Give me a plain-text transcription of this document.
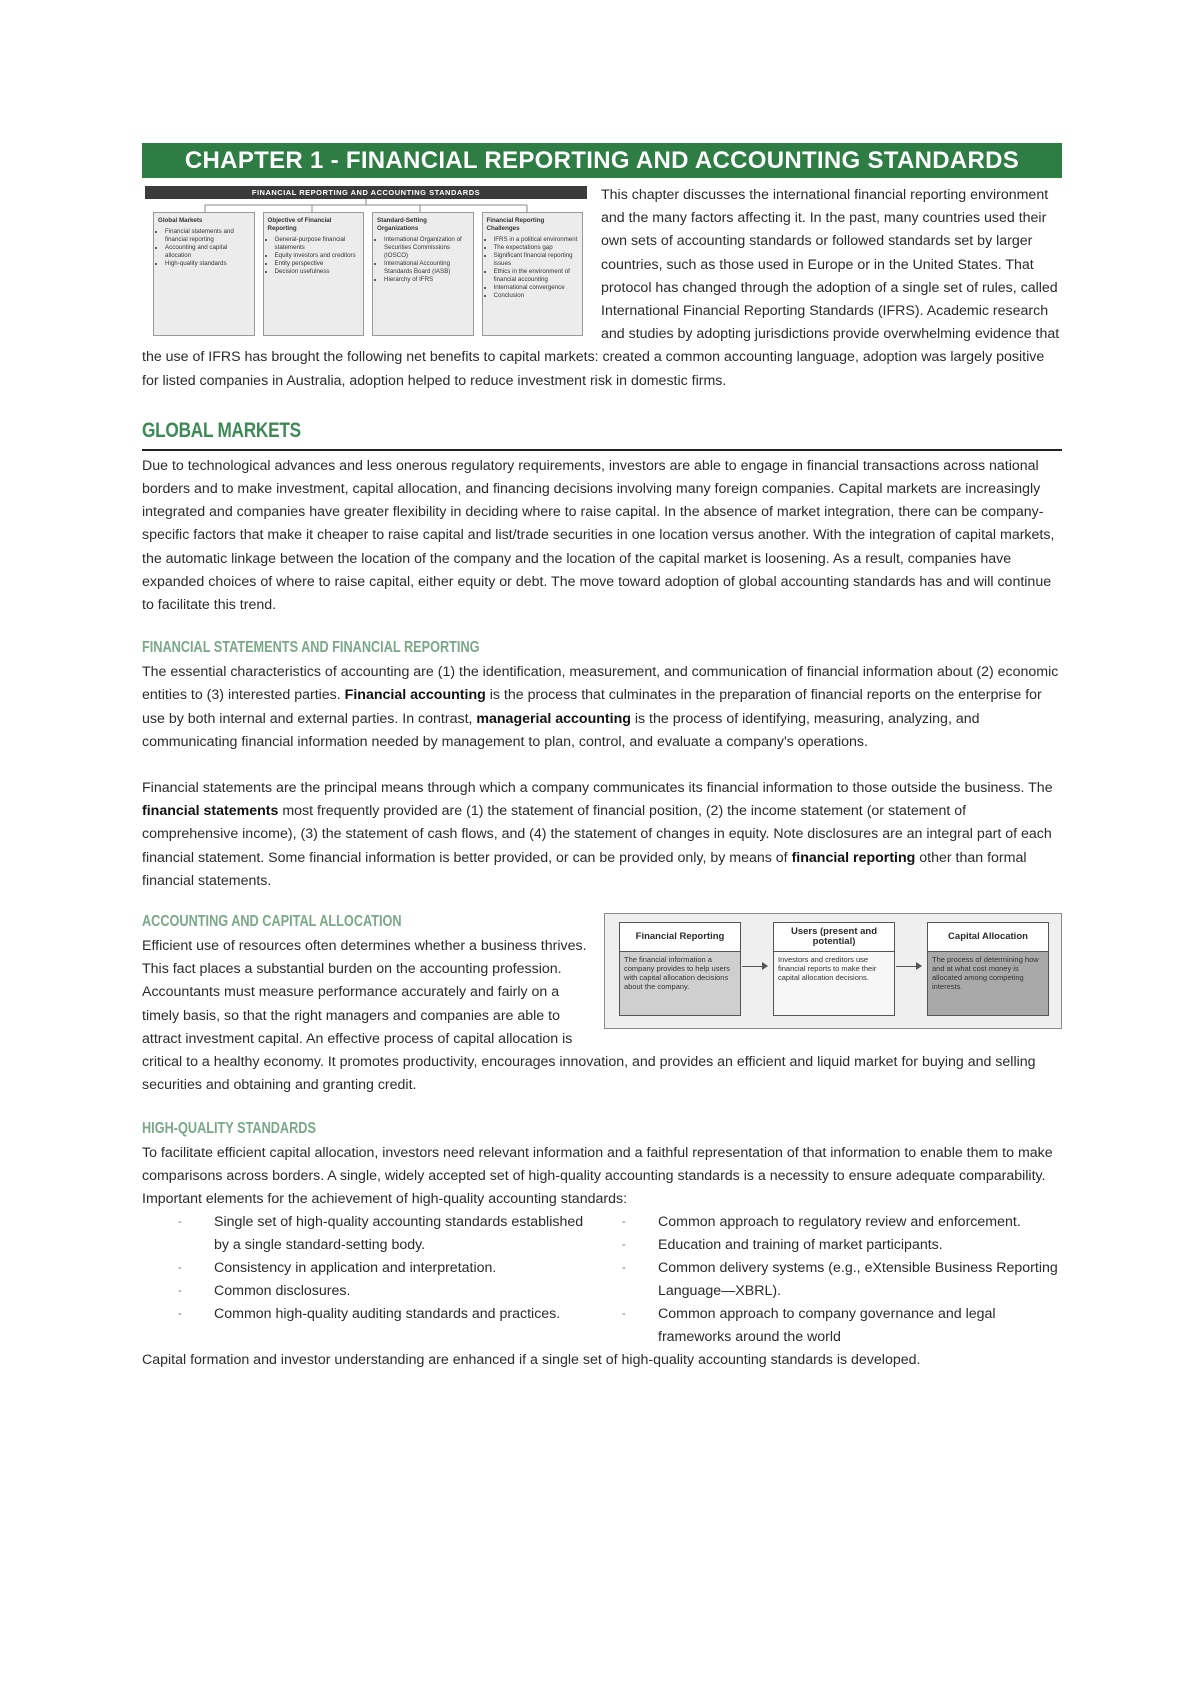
CHAPTER 1 - FINANCIAL REPORTING AND ACCOUNTING STANDARDS
FINANCIAL REPORTING AND ACCOUNTING STANDARDS
Global Markets
• Financial statements and financial reporting
• Accounting and capital allocation
• High-quality standards
Objective of Financial Reporting
• General-purpose financial statements
• Equity investors and creditors
• Entity perspective
• Decision usefulness
Standard-Setting Organizations
• International Organization of Securities Commissions (IOSCO)
• International Accounting Standards Board (IASB)
• Hierarchy of IFRS
Financial Reporting Challenges
• IFRS in a political environment
• The expectations gap
• Significant financial reporting issues
• Ethics in the environment of financial accounting
• International convergence
• Conclusion

This chapter discusses the international financial reporting environment and the many factors affecting it. In the past, many countries used their own sets of accounting standards or followed standards set by larger countries, such as those used in Europe or in the United States. That protocol has changed through the adoption of a single set of rules, called International Financial Reporting Standards (IFRS). Academic research and studies by adopting jurisdictions provide overwhelming evidence that the use of IFRS has brought the following net benefits to capital markets: created a common accounting language, adoption was largely positive for listed companies in Australia, adoption helped to reduce investment risk in domestic firms.

GLOBAL MARKETS

Due to technological advances and less onerous regulatory requirements, investors are able to engage in financial transactions across national borders and to make investment, capital allocation, and financing decisions involving many foreign companies. Capital markets are increasingly integrated and companies have greater flexibility in deciding where to raise capital. In the absence of market integration, there can be company-specific factors that make it cheaper to raise capital and list/trade securities in one location versus another. With the integration of capital markets, the automatic linkage between the location of the company and the location of the capital market is loosening. As a result, companies have expanded choices of where to raise capital, either equity or debt. The move toward adoption of global accounting standards has and will continue to facilitate this trend.

FINANCIAL STATEMENTS AND FINANCIAL REPORTING

The essential characteristics of accounting are (1) the identification, measurement, and communication of financial information about (2) economic entities to (3) interested parties. Financial accounting is the process that culminates in the preparation of financial reports on the enterprise for use by both internal and external parties. In contrast, managerial accounting is the process of identifying, measuring, analyzing, and communicating financial information needed by management to plan, control, and evaluate a company's operations.

Financial statements are the principal means through which a company communicates its financial information to those outside the business. The financial statements most frequently provided are (1) the statement of financial position, (2) the income statement (or statement of comprehensive income), (3) the statement of cash flows, and (4) the statement of changes in equity. Note disclosures are an integral part of each financial statement. Some financial information is better provided, or can be provided only, by means of financial reporting other than formal financial statements.

Financial Reporting
The financial information a company provides to help users with capital allocation decisions about the company.
Users (present and potential)
Investors and creditors use financial reports to make their capital allocation decisions.
Capital Allocation
The process of determining how and at what cost money is allocated among competing interests.
ACCOUNTING AND CAPITAL ALLOCATION

Efficient use of resources often determines whether a business thrives. This fact places a substantial burden on the accounting profession. Accountants must measure performance accurately and fairly on a timely basis, so that the right managers and companies are able to attract investment capital. An effective process of capital allocation is critical to a healthy economy. It promotes productivity, encourages innovation, and provides an efficient and liquid market for buying and selling securities and obtaining and granting credit.

HIGH-QUALITY STANDARDS

To facilitate efficient capital allocation, investors need relevant information and a faithful representation of that information to enable them to make comparisons across borders. A single, widely accepted set of high-quality accounting standards is a necessity to ensure adequate comparability. Important elements for the achievement of high-quality accounting standards:

- Single set of high-quality accounting standards established by a single standard-setting body.
- Consistency in application and interpretation.
- Common disclosures.
- Common high-quality auditing standards and practices.
- Common approach to regulatory review and enforcement.
- Education and training of market participants.
- Common delivery systems (e.g., eXtensible Business Reporting Language—XBRL).
- Common approach to company governance and legal frameworks around the world

Capital formation and investor understanding are enhanced if a single set of high-quality accounting standards is developed.
